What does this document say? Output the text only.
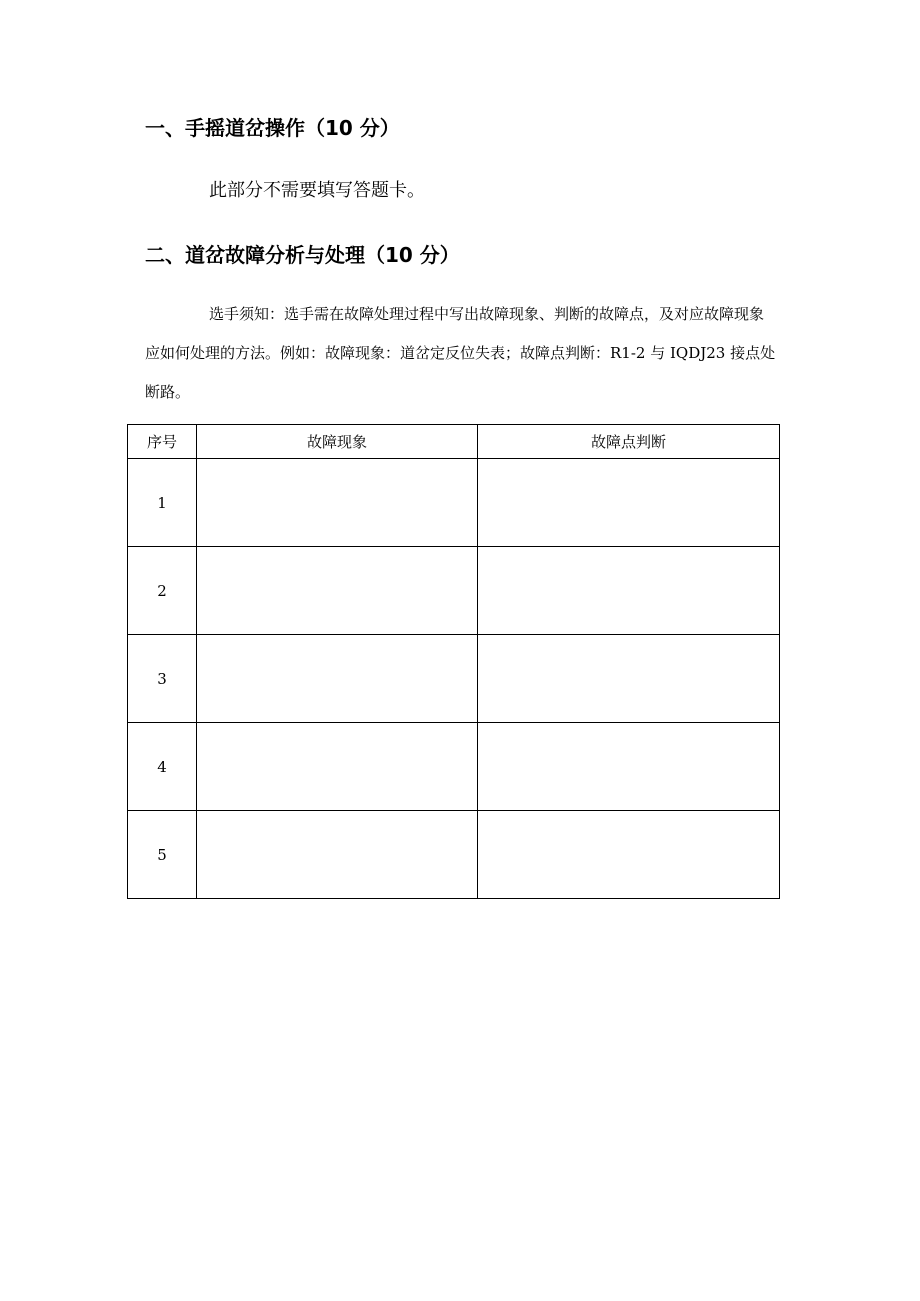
一、手摇道岔操作（10 分）

此部分不需要填写答题卡。

二、道岔故障分析与处理（10 分）

选手须知：选手需在故障处理过程中写出故障现象、判断的故障点，及对应故障现象应如何处理的方法。例如：故障现象：道岔定反位失表；故障点判断：R1-2 与 IQDJ23 接点处断路。

序号	故障现象	故障点判断
1		
2		
3		
4		
5		
